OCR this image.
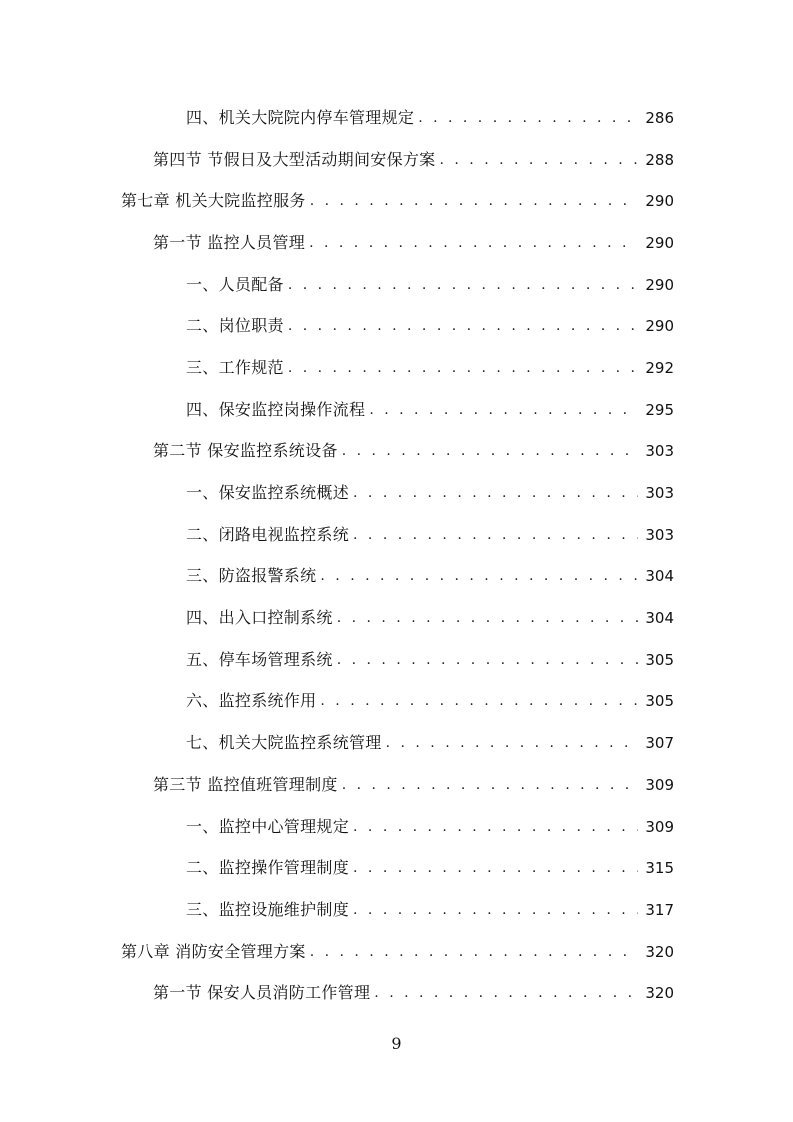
四、机关大院院内停车管理规定 . . .	286
第四节 节假日及大型活动期间安保方案 . . .	288
第七章 机关大院监控服务 . . .	290
第一节 监控人员管理 . . .	290
一、人员配备 . . .	290
二、岗位职责 . . .	290
三、工作规范 . . .	292
四、保安监控岗操作流程 . . .	295
第二节 保安监控系统设备 . . .	303
一、保安监控系统概述 . . .	303
二、闭路电视监控系统 . . .	303
三、防盗报警系统 . . .	304
四、出入口控制系统 . . .	304
五、停车场管理系统 . . .	305
六、监控系统作用 . . .	305
七、机关大院监控系统管理 . . .	307
第三节 监控值班管理制度 . . .	309
一、监控中心管理规定 . . .	309
二、监控操作管理制度 . . .	315
三、监控设施维护制度 . . .	317
第八章 消防安全管理方案 . . .	320
第一节 保安人员消防工作管理 . . .	320
9
